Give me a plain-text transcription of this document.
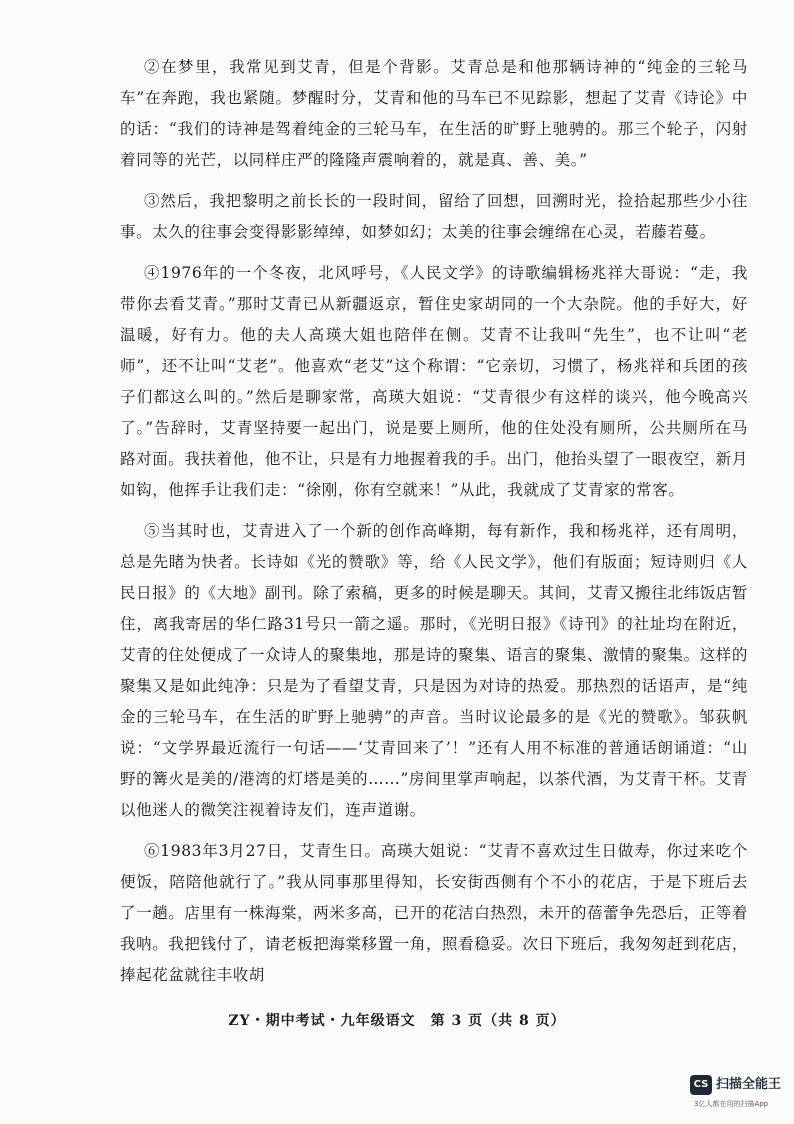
②在梦里，我常见到艾青，但是个背影。艾青总是和他那辆诗神的“纯金的三轮马车”在奔跑，我也紧随。梦醒时分，艾青和他的马车已不见踪影，想起了艾青《诗论》中的话：“我们的诗神是驾着纯金的三轮马车，在生活的旷野上驰骋的。那三个轮子，闪射着同等的光芒，以同样庄严的隆隆声震响着的，就是真、善、美。”

③然后，我把黎明之前长长的一段时间，留给了回想，回溯时光，捡拾起那些少小往事。太久的往事会变得影影绰绰，如梦如幻；太美的往事会缠绵在心灵，若藤若蔓。

④1976年的一个冬夜，北风呼号，《人民文学》的诗歌编辑杨兆祥大哥说：“走，我带你去看艾青。”那时艾青已从新疆返京，暂住史家胡同的一个大杂院。他的手好大，好温暖，好有力。他的夫人高瑛大姐也陪伴在侧。艾青不让我叫“先生”，也不让叫“老师”，还不让叫“艾老”。他喜欢“老艾”这个称谓：“它亲切，习惯了，杨兆祥和兵团的孩子们都这么叫的。”然后是聊家常，高瑛大姐说：“艾青很少有这样的谈兴，他今晚高兴了。”告辞时，艾青坚持要一起出门，说是要上厕所，他的住处没有厕所，公共厕所在马路对面。我扶着他，他不让，只是有力地握着我的手。出门，他抬头望了一眼夜空，新月如钩，他挥手让我们走：“徐刚，你有空就来！”从此，我就成了艾青家的常客。

⑤当其时也，艾青进入了一个新的创作高峰期，每有新作，我和杨兆祥，还有周明，总是先睹为快者。长诗如《光的赞歌》等，给《人民文学》，他们有版面；短诗则归《人民日报》的《大地》副刊。除了索稿，更多的时候是聊天。其间，艾青又搬往北纬饭店暂住，离我寄居的华仁路31号只一箭之遥。那时，《光明日报》《诗刊》的社址均在附近，艾青的住处便成了一众诗人的聚集地，那是诗的聚集、语言的聚集、激情的聚集。这样的聚集又是如此纯净：只是为了看望艾青，只是因为对诗的热爱。那热烈的话语声，是“纯金的三轮马车，在生活的旷野上驰骋”的声音。当时议论最多的是《光的赞歌》。邹荻帆说：“文学界最近流行一句话——‘艾青回来了’！”还有人用不标准的普通话朗诵道：“山野的篝火是美的/港湾的灯塔是美的……”房间里掌声响起，以茶代酒，为艾青干杯。艾青以他迷人的微笑注视着诗友们，连声道谢。

⑥1983年3月27日，艾青生日。高瑛大姐说：“艾青不喜欢过生日做寿，你过来吃个便饭，陪陪他就行了。”我从同事那里得知，长安街西侧有个不小的花店，于是下班后去了一趟。店里有一株海棠，两米多高，已开的花洁白热烈，未开的蓓蕾争先恐后，正等着我呐。我把钱付了，请老板把海棠移置一角，照看稳妥。次日下班后，我匆匆赶到花店，捧起花盆就往丰收胡

ZY・期中考试・九年级语文　第 3 页（共 8 页）
CS 扫描全能王
3亿人都在用的扫描App
